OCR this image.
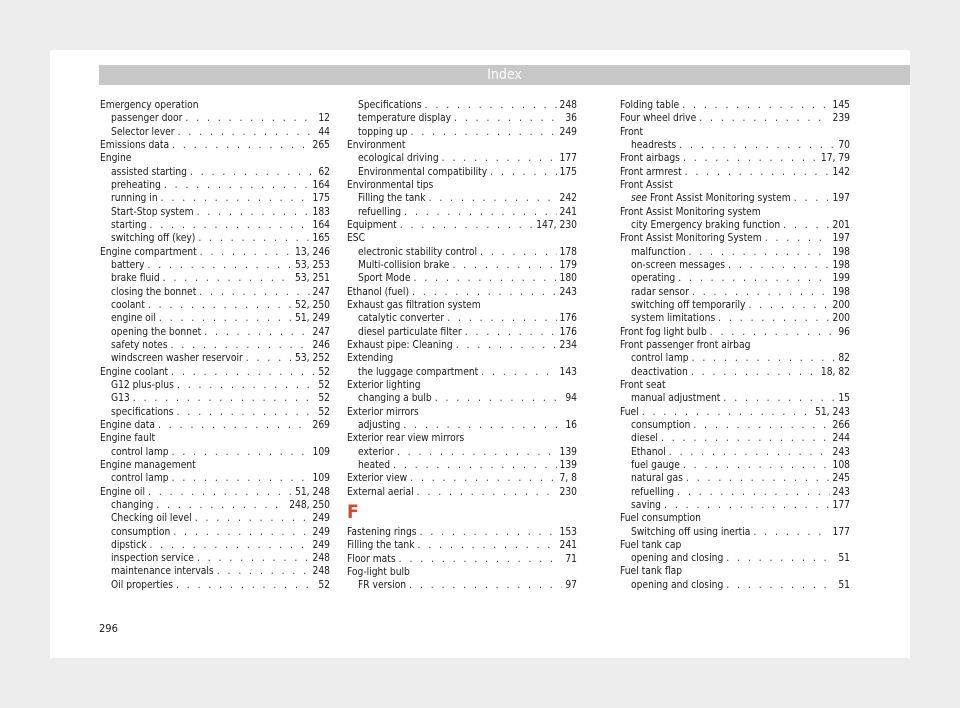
Index
Emergency operation
passenger door . . .	12
Selector lever . . .	44
Emissions data . . .	265
Engine
assisted starting . . .	62
preheating . . .	164
running in . . .	175
Start-Stop system . . .	183
starting . . .	164
switching off (key) . . .	165
Engine compartment . . .	13, 246
battery . . .	53, 253
brake fluid . . .	53, 251
closing the bonnet . . .	247
coolant . . .	52, 250
engine oil . . .	51, 249
opening the bonnet . . .	247
safety notes . . .	246
windscreen washer reservoir . . .	53, 252
Engine coolant . . .	52
G12 plus-plus . . .	52
G13 . . .	52
specifications . . .	52
Engine data . . .	269
Engine fault
control lamp . . .	109
Engine management
control lamp . . .	109
Engine oil . . .	51, 248
changing . . .	248, 250
Checking oil level . . .	249
consumption . . .	249
dipstick . . .	249
inspection service . . .	248
maintenance intervals . . .	248
Oil properties . . .	52
Specifications . . .	248
temperature display . . .	36
topping up . . .	249
Environment
ecological driving . . .	177
Environmental compatibility . . .	175
Environmental tips
Filling the tank . . .	242
refuelling . . .	241
Equipment . . .	147, 230
ESC
electronic stability control . . .	178
Multi-collision brake . . .	179
Sport Mode . . .	180
Ethanol (fuel) . . .	243
Exhaust gas filtration system
catalytic converter . . .	176
diesel particulate filter . . .	176
Exhaust pipe: Cleaning . . .	234
Extending
the luggage compartment . . .	143
Exterior lighting
changing a bulb . . .	94
Exterior mirrors
adjusting . . .	16
Exterior rear view mirrors
exterior . . .	139
heated . . .	139
Exterior view . . .	7, 8
External aerial . . .	230
F
Fastening rings . . .	153
Filling the tank . . .	241
Floor mats . . .	71
Fog-light bulb
FR version . . .	97
Folding table . . .	145
Four wheel drive . . .	239
Front
headrests . . .	70
Front airbags . . .	17, 79
Front armrest . . .	142
Front Assist
see Front Assist Monitoring system . . .	197
Front Assist Monitoring system
city Emergency braking function . . .	201
Front Assist Monitoring System . . .	197
malfunction . . .	198
on-screen messages . . .	198
operating . . .	199
radar sensor . . .	198
switching off temporarily . . .	200
system limitations . . .	200
Front fog light bulb . . .	96
Front passenger front airbag
control lamp . . .	82
deactivation . . .	18, 82
Front seat
manual adjustment . . .	15
Fuel . . .	51, 243
consumption . . .	266
diesel . . .	244
Ethanol . . .	243
fuel gauge . . .	108
natural gas . . .	245
refuelling . . .	243
saving . . .	177
Fuel consumption
Switching off using inertia . . .	177
Fuel tank cap
opening and closing . . .	51
Fuel tank flap
opening and closing . . .	51
296
